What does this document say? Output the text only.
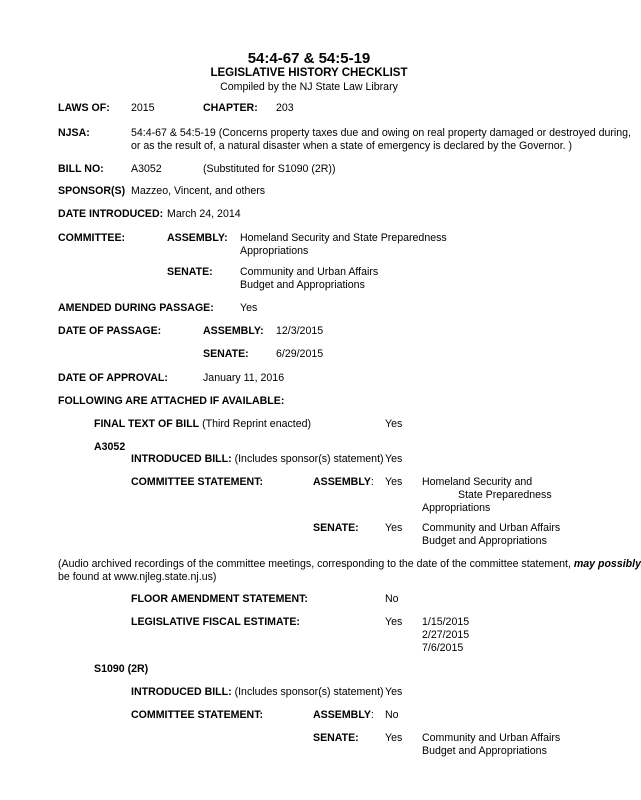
54:4-67 & 54:5-19
LEGISLATIVE HISTORY CHECKLIST
Compiled by the NJ State Law Library
LAWS OF: 2015	CHAPTER: 203
NJSA:	54:4-67 & 54:5-19 (Concerns property taxes due and owing on real property damaged or destroyed during,
or as the result of, a natural disaster when a state of emergency is declared by the Governor. )
BILL NO:	A3052	(Substituted for S1090 (2R))
SPONSOR(S) Mazzeo, Vincent, and others
DATE INTRODUCED: March 24, 2014
COMMITTEE:	ASSEMBLY: Homeland Security and State Preparedness
Appropriations
SENATE:	Community and Urban Affairs
Budget and Appropriations
AMENDED DURING PASSAGE: Yes
DATE OF PASSAGE:	ASSEMBLY: 12/3/2015
SENATE:	6/29/2015
DATE OF APPROVAL:	January 11, 2016
FOLLOWING ARE ATTACHED IF AVAILABLE:
FINAL TEXT OF BILL (Third Reprint enacted)	Yes
A3052
INTRODUCED BILL: (Includes sponsor(s) statement) Yes
COMMITTEE STATEMENT:	ASSEMBLY: Yes Homeland Security and
State Preparedness
Appropriations
SENATE: Yes Community and Urban Affairs
Budget and Appropriations
(Audio archived recordings of the committee meetings, corresponding to the date of the committee statement, may possibly
be found at www.njleg.state.nj.us)
FLOOR AMENDMENT STATEMENT:	No
LEGISLATIVE FISCAL ESTIMATE:	Yes 1/15/2015
2/27/2015
7/6/2015
S1090 (2R)
INTRODUCED BILL: (Includes sponsor(s) statement) Yes
COMMITTEE STATEMENT:	ASSEMBLY: No
SENATE: Yes Community and Urban Affairs
Budget and Appropriations
